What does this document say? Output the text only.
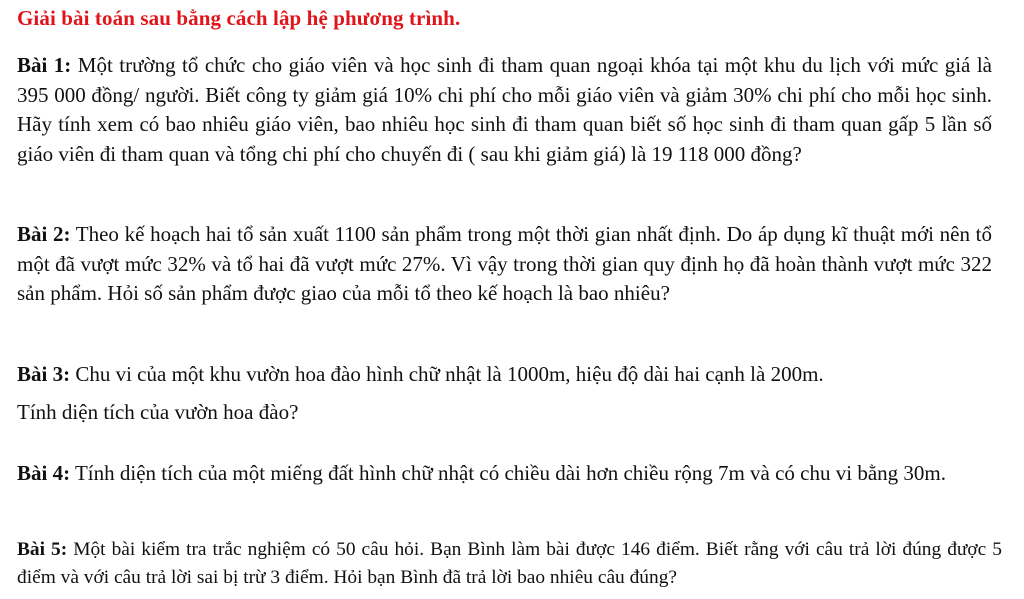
Giải bài toán sau bằng cách lập hệ phương trình.
Bài 1: Một trường tổ chức cho giáo viên và học sinh đi tham quan ngoại khóa tại một khu du lịch với mức giá là 395 000 đồng/ người. Biết công ty giảm giá 10% chi phí cho mỗi giáo viên và giảm 30% chi phí cho mỗi học sinh. Hãy tính xem có bao nhiêu giáo viên, bao nhiêu học sinh đi tham quan biết số học sinh đi tham quan gấp 5 lần số giáo viên đi tham quan và tổng chi phí cho chuyến đi ( sau khi giảm giá) là 19 118 000 đồng?
Bài 2: Theo kế hoạch hai tổ sản xuất 1100 sản phẩm trong một thời gian nhất định. Do áp dụng kĩ thuật mới nên tổ một đã vượt mức 32% và tổ hai đã vượt mức 27%. Vì vậy trong thời gian quy định họ đã hoàn thành vượt mức 322 sản phẩm. Hỏi số sản phẩm được giao của mỗi tổ theo kế hoạch là bao nhiêu?
Bài 3: Chu vi của một khu vườn hoa đào hình chữ nhật là 1000m, hiệu độ dài hai cạnh là 200m.
Tính diện tích của vườn hoa đào?
Bài 4: Tính diện tích của một miếng đất hình chữ nhật có chiều dài hơn chiều rộng 7m và có chu vi bằng 30m.
Bài 5: Một bài kiểm tra trắc nghiệm có 50 câu hỏi. Bạn Bình làm bài được 146 điểm. Biết rằng với câu trả lời đúng được 5 điểm và với câu trả lời sai bị trừ 3 điểm. Hỏi bạn Bình đã trả lời bao nhiêu câu đúng?
